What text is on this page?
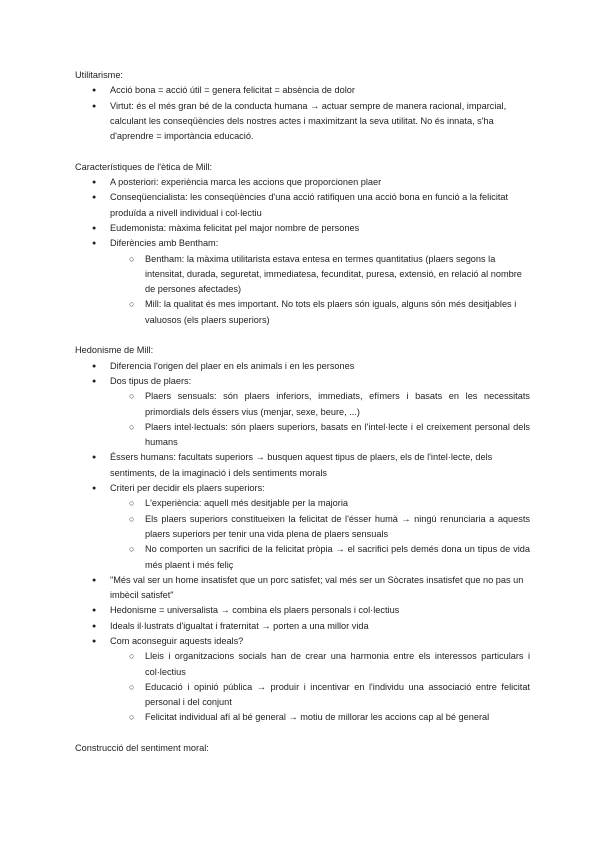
Utilitarisme:

● Acció bona = acció útil = genera felicitat = absència de dolor
● Virtut: és el més gran bé de la conducta humana → actuar sempre de manera racional, imparcial, calculant les conseqüències dels nostres actes i maximitzant la seva utilitat. No és innata, s'ha d'aprendre = importància educació.

Característiques de l'ètica de Mill:

● A posteriori: experiència marca les accions que proporcionen plaer
● Conseqüencialista: les conseqüències d'una acció ratifiquen una acció bona en funció a la felicitat produïda a nivell individual i col·lectiu
● Eudemonista: màxima felicitat pel major nombre de persones
● Diferències amb Bentham:
○ Bentham: la màxima utilitarista estava entesa en termes quantitatius (plaers segons la intensitat, durada, seguretat, immediatesa, fecunditat, puresa, extensió, en relació al nombre de persones afectades)
○ Mill: la qualitat és mes important. No tots els plaers són iguals, alguns són més desitjables i valuosos (els plaers superiors)

Hedonisme de Mill:

● Diferencia l'origen del plaer en els animals i en les persones
● Dos tipus de plaers:
○ Plaers sensuals: són plaers inferiors, immediats, efímers i basats en les necessitats primordials dels éssers vius (menjar, sexe, beure, ...)
○ Plaers intel·lectuals: són plaers superiors, basats en l'intel·lecte i el creixement personal dels humans
● Éssers humans: facultats superiors → busquen aquest tipus de plaers, els de l'intel·lecte, dels sentiments, de la imaginació i dels sentiments morals
● Criteri per decidir els plaers superiors:
○ L'experiència: aquell més desitjable per la majoria
○ Els plaers superiors constitueixen la felicitat de l'ésser humà → ningú renunciaria a aquests plaers superiors per tenir una vida plena de plaers sensuals
○ No comporten un sacrifici de la felicitat pròpia → el sacrifici pels demés dona un tipus de vida més plaent i més feliç
● "Més val ser un home insatisfet que un porc satisfet; val més ser un Sòcrates insatisfet que no pas un imbècil satisfet"
● Hedonisme = universalista → combina els plaers personals i col·lectius
● Ideals il·lustrats d'igualtat i fraternitat → porten a una millor vida
● Com aconseguir aquests ideals?
○ Lleis i organitzacions socials han de crear una harmonia entre els interessos particulars i col·lectius
○ Educació i opinió pública → produir i incentivar en l'individu una associació entre felicitat personal i del conjunt
○ Felicitat individual afí al bé general → motiu de millorar les accions cap al bé general

Construcció del sentiment moral:
